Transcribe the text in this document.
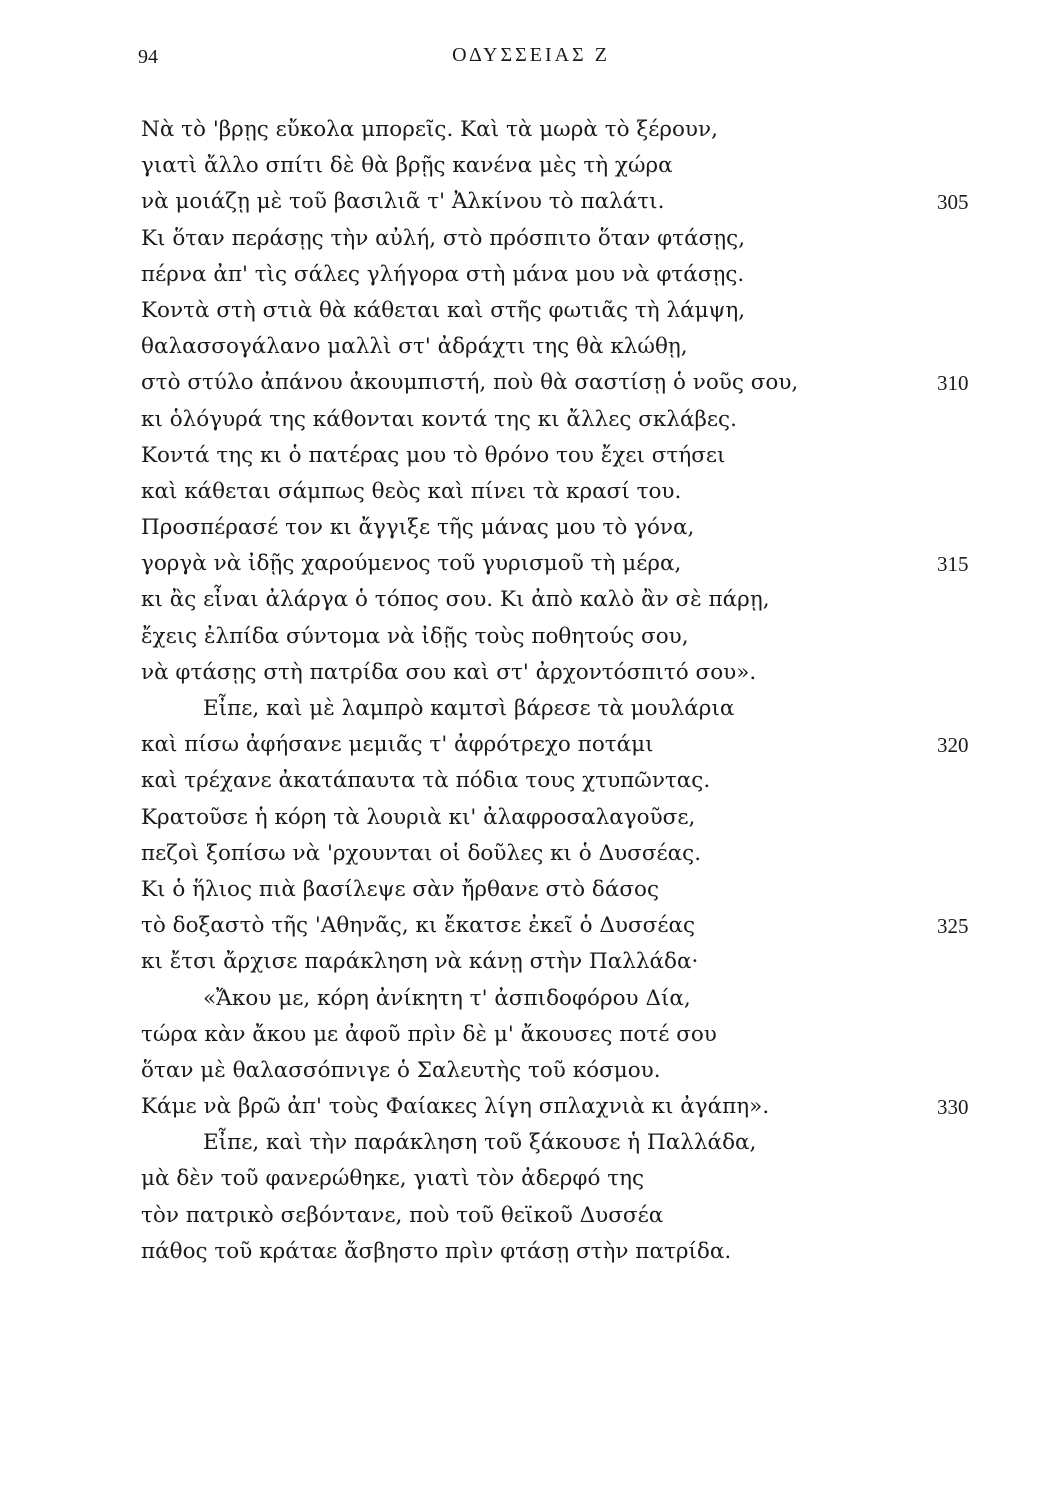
94	ΟΔΥΣΣΕΙΑΣ Ζ
Νὰ τὸ 'βρῃς εὔκολα μπορεῖς. Καὶ τὰ μωρὰ τὸ ξέρουν,
γιατὶ ἄλλο σπίτι δὲ θὰ βρῇς κανένα μὲς τὴ χώρα
νὰ μοιάζῃ μὲ τοῦ βασιλιᾶ τ' Ἀλκίνου τὸ παλάτι.	305
Κι ὅταν περάσῃς τὴν αὐλή, στὸ πρόσπιτο ὅταν φτάσῃς,
πέρνα ἀπ' τὶς σάλες γλήγορα στὴ μάνα μου νὰ φτάσῃς.
Κοντὰ στὴ στιὰ θὰ κάθεται καὶ στῆς φωτιᾶς τὴ λάμψη,
θαλασσογάλανο μαλλὶ στ' ἀδράχτι της θὰ κλώθῃ,
στὸ στύλο ἀπάνου ἀκουμπιστή, ποὺ θὰ σαστίσῃ ὁ νοῦς σου,	310
κι ὁλόγυρά της κάθονται κοντά της κι ἄλλες σκλάβες.
Κοντά της κι ὁ πατέρας μου τὸ θρόνο του ἔχει στήσει
καὶ κάθεται σάμπως θεὸς καὶ πίνει τὰ κρασί του.
Προσπέρασέ τον κι ἄγγιξε τῆς μάνας μου τὸ γόνα,
γοργὰ νὰ ἰδῇς χαρούμενος τοῦ γυρισμοῦ τὴ μέρα,	315
κι ἂς εἶναι ἀλάργα ὁ τόπος σου. Κι ἀπὸ καλὸ ἂν σὲ πάρῃ,
ἔχεις ἐλπίδα σύντομα νὰ ἰδῇς τοὺς ποθητούς σου,
νὰ φτάσῃς στὴ πατρίδα σου καὶ στ' ἀρχοντόσπιτό σου».
Εἶπε, καὶ μὲ λαμπρὸ καμτσὶ βάρεσε τὰ μουλάρια
καὶ πίσω ἀφήσανε μεμιᾶς τ' ἀφρότρεχο ποτάμι	320
καὶ τρέχανε ἀκατάπαυτα τὰ πόδια τους χτυπῶντας.
Κρατοῦσε ἡ κόρη τὰ λουριὰ κι' ἀλαφροσαλαγοῦσε,
πεζοὶ ξοπίσω νὰ 'ρχουνται οἱ δοῦλες κι ὁ Δυσσέας.
Κι ὁ ἥλιος πιὰ βασίλεψε σὰν ἤρθανε στὸ δάσος
τὸ δοξαστὸ τῆς 'Αθηνᾶς, κι ἔκατσε ἐκεῖ ὁ Δυσσέας	325
κι ἔτσι ἄρχισε παράκληση νὰ κάνῃ στὴν Παλλάδα·
«Ἄκου με, κόρη ἀνίκητη τ' ἀσπιδοφόρου Δία,
τώρα κὰν ἄκου με ἀφοῦ πρὶν δὲ μ' ἄκουσες ποτέ σου
ὅταν μὲ θαλασσόπνιγε ὁ Σαλευτὴς τοῦ κόσμου.
Κάμε νὰ βρῶ ἀπ' τοὺς Φαίακες λίγη σπλαχνιὰ κι ἀγάπη».	330
Εἶπε, καὶ τὴν παράκληση τοῦ ξάκουσε ἡ Παλλάδα,
μὰ δὲν τοῦ φανερώθηκε, γιατὶ τὸν ἀδερφό της
τὸν πατρικὸ σεβόντανε, ποὺ τοῦ θεϊκοῦ Δυσσέα
πάθος τοῦ κράταε ἄσβηστο πρὶν φτάσῃ στὴν πατρίδα.
